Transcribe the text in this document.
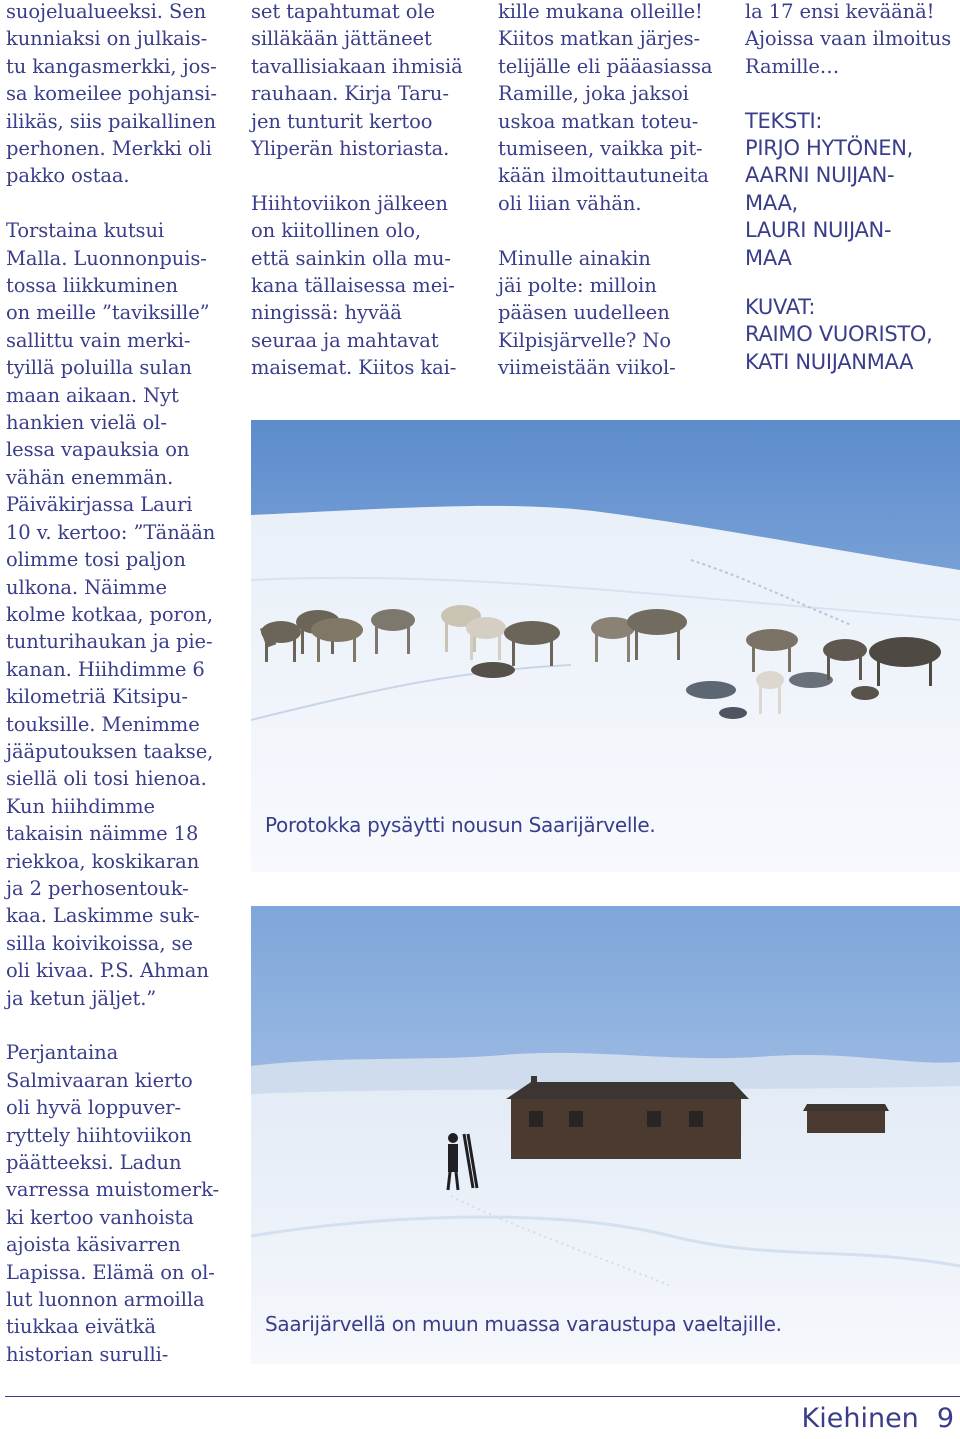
suojelualueeksi. Sen
kunniaksi on julkais-
tu kangasmerkki, jos-
sa komeilee pohjansi-
ilikäs, siis paikallinen
perhonen. Merkki oli
pakko ostaa.

Torstaina kutsui
Malla. Luonnonpuis-
tossa liikkuminen
on meille ”taviksille”
sallittu vain merki-
tyillä poluilla sulan
maan aikaan. Nyt
hankien vielä ol-
lessa vapauksia on
vähän enemmän.
Päiväkirjassa Lauri
10 v. kertoo: ”Tänään
olimme tosi paljon
ulkona. Näimme
kolme kotkaa, poron,
tunturihaukan ja pie-
kanan. Hiihdimme 6
kilometriä Kitsipu-
touksille. Menimme
jääputouksen taakse,
siellä oli tosi hienoa.
Kun hiihdimme
takaisin näimme 18
riekkoa, koskikaran
ja 2 perhosentouk-
kaa. Laskimme suk-
silla koivikoissa, se
oli kivaa. P.S. Ahman
ja ketun jäljet.”

Perjantaina
Salmivaaran kierto
oli hyvä loppuver-
ryttely hiihtoviikon
päätteeksi. Ladun
varressa muistomerk-
ki kertoo vanhoista
ajoista käsivarren
Lapissa. Elämä on ol-
lut luonnon armoilla
tiukkaa eivätkä
historian surulli-

set tapahtumat ole
silläkään jättäneet
tavallisiakaan ihmisiä
rauhaan. Kirja Taru-
jen tunturit kertoo
Yliperän historiasta.

Hiihtoviikon jälkeen
on kiitollinen olo,
että sainkin olla mu-
kana tällaisessa mei-
ningissä: hyvää
seuraa ja mahtavat
maisemat. Kiitos kai-

kille mukana olleille!
Kiitos matkan järjes-
telijälle eli pääasiassa
Ramille, joka jaksoi
uskoa matkan toteu-
tumiseen, vaikka pit-
kään ilmoittautuneita
oli liian vähän.

Minulle ainakin
jäi polte: milloin
pääsen uudelleen
Kilpisjärvelle? No
viimeistään viikol-

la 17 ensi keväänä!
Ajoissa vaan ilmoitus
Ramille…

TEKSTI:
PIRJO HYTÖNEN,
AARNI NUIJAN-
MAA,
LAURI NUIJAN-
MAA
KUVAT:
RAIMO VUORISTO,
KATI NUIJANMAA
Porotokka pysäytti nousun Saarijärvelle.
Saarijärvellä on muun muassa varaustupa vaeltajille.
Kiehinen 9
